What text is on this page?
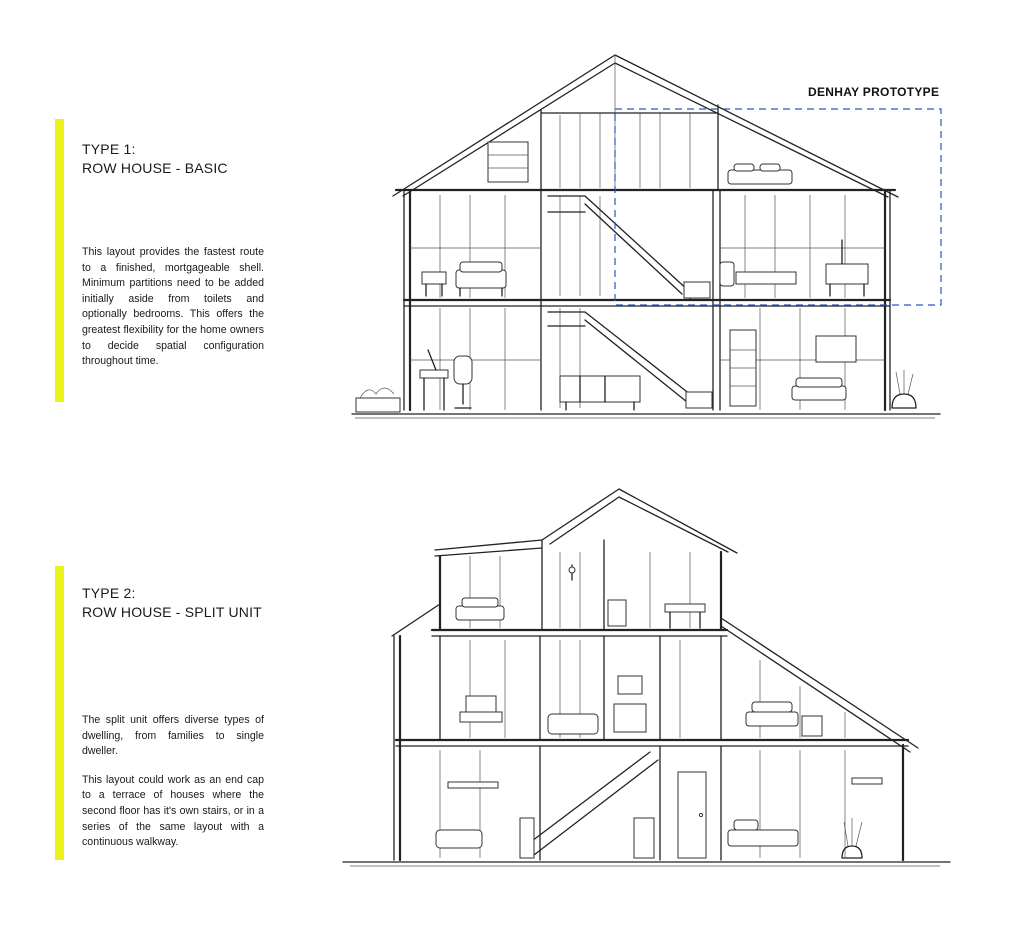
TYPE 1:
ROW HOUSE - BASIC

This layout provides the fastest route to a finished, mortgageable shell. Minimum partitions need to be added initially aside from toilets and optionally bedrooms. This offers the greatest flexibility for the home owners to decide spatial configuration throughout time.

TYPE 2:
ROW HOUSE - SPLIT UNIT

The split unit offers diverse types of dwelling, from families to single dweller.

This layout could work as an end cap to a terrace of houses where the second floor has it's own stairs, or in a series of the same layout with a continuous walkway.

DENHAY PROTOTYPE
